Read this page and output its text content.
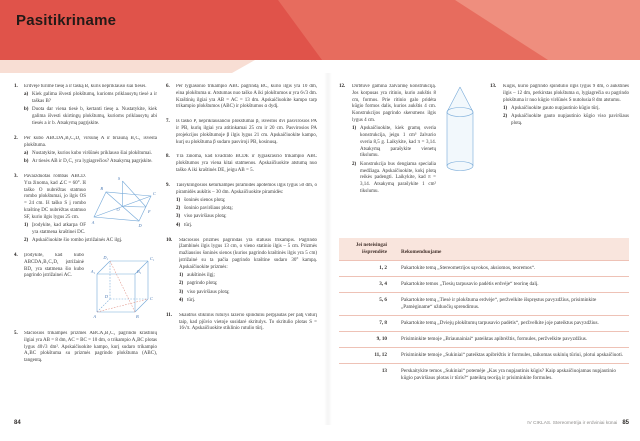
Pasitikriname
1.	Erdvėje turime tiesę a ir tašką B, kuris nepriklauso šiai tiesei.
a) Kiek galima išvesti plokštumų, kurioms priklausytų tiesė a ir taškas B?
b) Duota dar viena tiesė b, kertanti tiesę a. Nustatykite, kiek galima išvesti skirtingų plokštumų, kurioms priklausytų abi tiesės a ir b. Atsakymą pagrįskite.
2.	Per kubo ABCDA₁B₁C₁D₁ viršūnę A ir briauną B₁C₁ išvesta plokštuma.
a) Nustatykite, kurios kubo viršūnės priklauso šiai plokštumai.
b) Ar tiesės AB ir D₁C₁ yra lygiagrečios? Atsakymą pagrįskite.
3.	S
B
C
A
D
O	F
Pavaizduotas rombas ABCD. Yra žinoma, kad ∠C = 60°. Iš taško O nubrėžtas statmuo rombo plokštumai, jo ilgis OS = 24 cm. Iš taško S į rombo kraštinę DC nubrėžtas statmuo SF, kurio ilgis lygus 25 cm.
1) Įrodykite, kad atkarpa OF yra statmena kraštinei DC.
2) Apskaičiuokite šio rombo įstrižainės AC ilgį.
4.	D₁	C₁
A₁	B₁
D	C
A	B
Įrodykite, kad kubo ABCDA₁B₁C₁D₁ įstrižainė BD₁ yra statmena šio kubo pagrindo įstrižainei AC.
5.	Stačiosios trikampės prizmės ABCA₁B₁C₁ pagrindo kraštinių ilgiai yra AB = 8 dm, AC = BC = 10 dm, o trikampio A₁BC plotas lygus 40√3 dm². Apskaičiuokite kampo, kurį sudaro trikampio A₁BC plokštuma su prizmės pagrindo plokštuma (ABC), tangentą.
6.	Per lygiašonio trikampio ABC pagrindą BC, kurio ilgis yra 10 dm, eina plokštuma α. Atstumas nuo taško A iki plokštumos α yra 6√3 dm. Kraštinių ilgiai yra AB = AC = 13 dm. Apskaičiuokite kampo tarp trikampio plokštumos (ABC) ir plokštumos α dydį.
7.	Iš taško P, nepriklausančio plokštumai β, išvestos dvi pasvirosios PA ir PB, kurių ilgiai yra atitinkamai 25 cm ir 20 cm. Pasvirosios PA projekcijos plokštumoje β ilgis lygus 21 cm. Apskaičiuokite kampo, kurį su plokštuma β sudaro pasviroji PB, kosinusą.
8.	Yra žinoma, kad kvadrato BCDE ir lygiakraščio trikampio ABC plokštumos yra viena kitai statmenos. Apskaičiuokite atstumą nuo taško A iki kraštinės DE, jeigu AB = 5.
9.	Taisyklingosios keturkampės piramidės apotemos ilgis lygus 50 dm, o piramidės aukštis – 30 dm. Apskaičiuokite piramidės:
1) šoninės sienos plotą;
2) šoninio paviršiaus plotą;
3) viso paviršiaus plotą;
4) tūrį.
10.	Stačiosios prizmės pagrindas yra statusis trikampis. Pagrindo įžambinės ilgis lygus 13 cm, o vieno statinio ilgis – 5 cm. Prizmės mažiausios šoninės sienos (kurios pagrindo kraštinės ilgis yra 5 cm) įstrižainė su ta pačia pagrindo kraštine sudaro 30° kampą. Apskaičiuokite prizmės:
1) aukštinės ilgį;
2) pagrindo plotą;
3) viso paviršiaus plotą;
4) tūrį.
11.	Skaidrus stiklinis rutulys lazerio spinduliu perpjautas per patį vidurį taip, kad pjūvio vietoje susidarė skritulys. To skritulio plotas S = 16√π. Apskaičiuokite stiklinio rutulio tūrį.
12.	Dirbtuvė gamina žalvarinę konstrukciją. Jos korpusas yra ritinio, kurio aukštis 8 cm, formos. Prie ritinio galo pridėta kūgio formos dalis, kurios aukštis 4 cm. Konstrukcijos pagrindo skersmens ilgis lygus 4 cm.
1) Apskaičiuokite, kiek gramų sveria konstrukcija, jeigu 1 cm³ žalvario sveria 8,5 g. Laikykite, kad π = 3,14. Atsakymą parašykite vienetų tikslumu.
2) Konstrukcija bus dengiama specialia medžiaga. Apskaičiuokite, kokį plotą reikės padengti. Laikykite, kad π = 3,14. Atsakymą parašykite 1 cm² tikslumu.
13.	Kūgis, kurio pagrindo spindulio ilgis lygus 9 dm, o aukštinės ilgis – 12 dm, perkirstas plokštuma α, lygiagrečia su pagrindo plokštuma ir nuo kūgio viršūnės S nutolusia 8 dm atstumu.
1) Apskaičiuokite gauto nupjautinio kūgio tūrį.
2) Apskaičiuokite gauto nupjautinio kūgio viso paviršiaus plotą.
Jei neteisingai išsprendėte	Rekomenduojame
1, 2	Pakartokite temą „Stereometrijos sąvokos, aksiomos, teoremos“.
3, 4	Pakartokite temos „Tiesių tarpusavio padėtis erdvėje“ teorinę dalį.
5, 6	Pakartokite temą „Tiesė ir plokštuma erdvėje“, peržvelkite išspręstus pavyzdžius, prisiminkite „Pamėginame“ užduočių sprendimus.
7, 8	Pakartokite temą „Dviejų plokštumų tarpusavio padėtis“, peržvelkite joje pateiktus pavyzdžius.
9, 10	Prisiminkite temoje „Briaunainiai“ pateiktas apibrėžtis, formules, peržvelkite pavyzdžius.
11, 12	Prisiminkite temoje „Sukiniai“ pateiktas apibrėžtis ir formules, taikomas sukinių tūriui, plotui apskaičiuoti.
13	Perskaitykite temos „Sukiniai“ potemėje „Kas yra nupjautinis kūgis? Kaip apskaičiuojamas nupjautinio kūgio paviršiaus plotas ir tūris?“ pateiktą teoriją ir prisiminkite formules.
84	IV CIKLAS. Stereometrija ir erdviniai kūnai 85
